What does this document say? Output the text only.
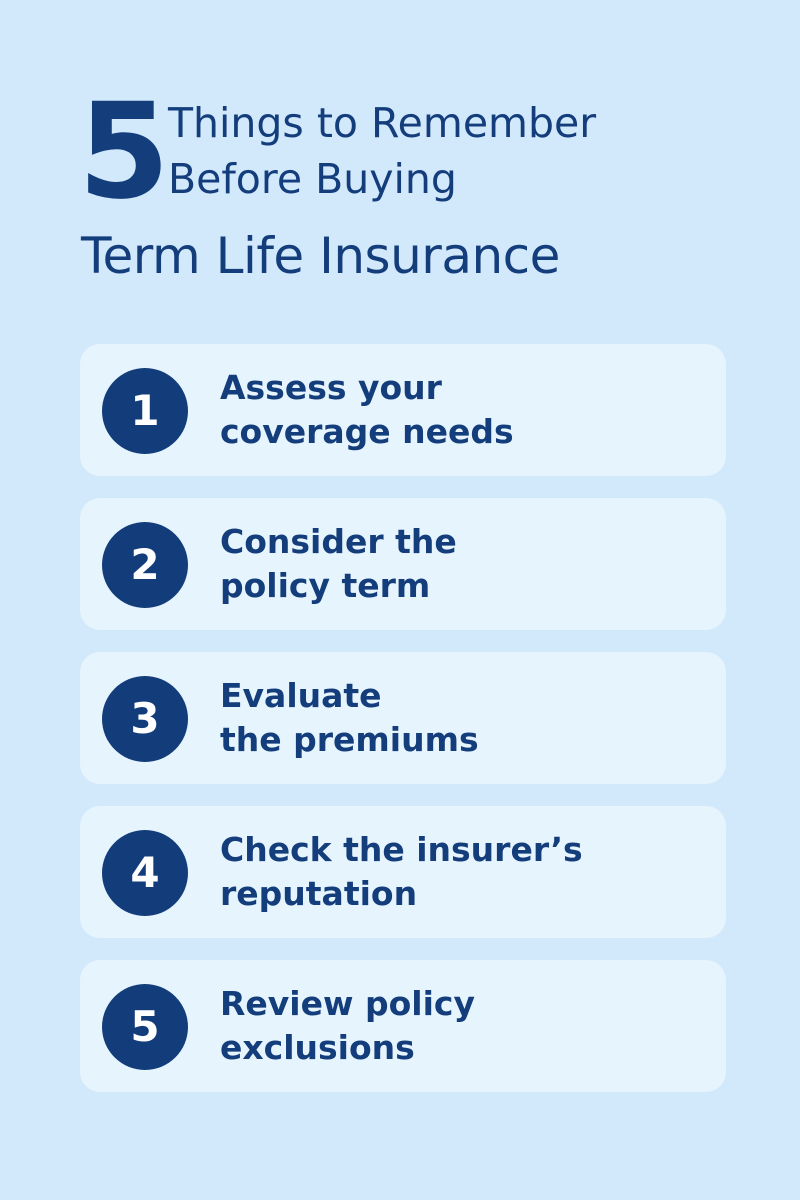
5 Things to Remember
Before Buying
Term Life Insurance
1	Assess your
coverage needs
2	Consider the
policy term
3	Evaluate
the premiums
4	Check the insurer’s
reputation
5	Review policy
exclusions
